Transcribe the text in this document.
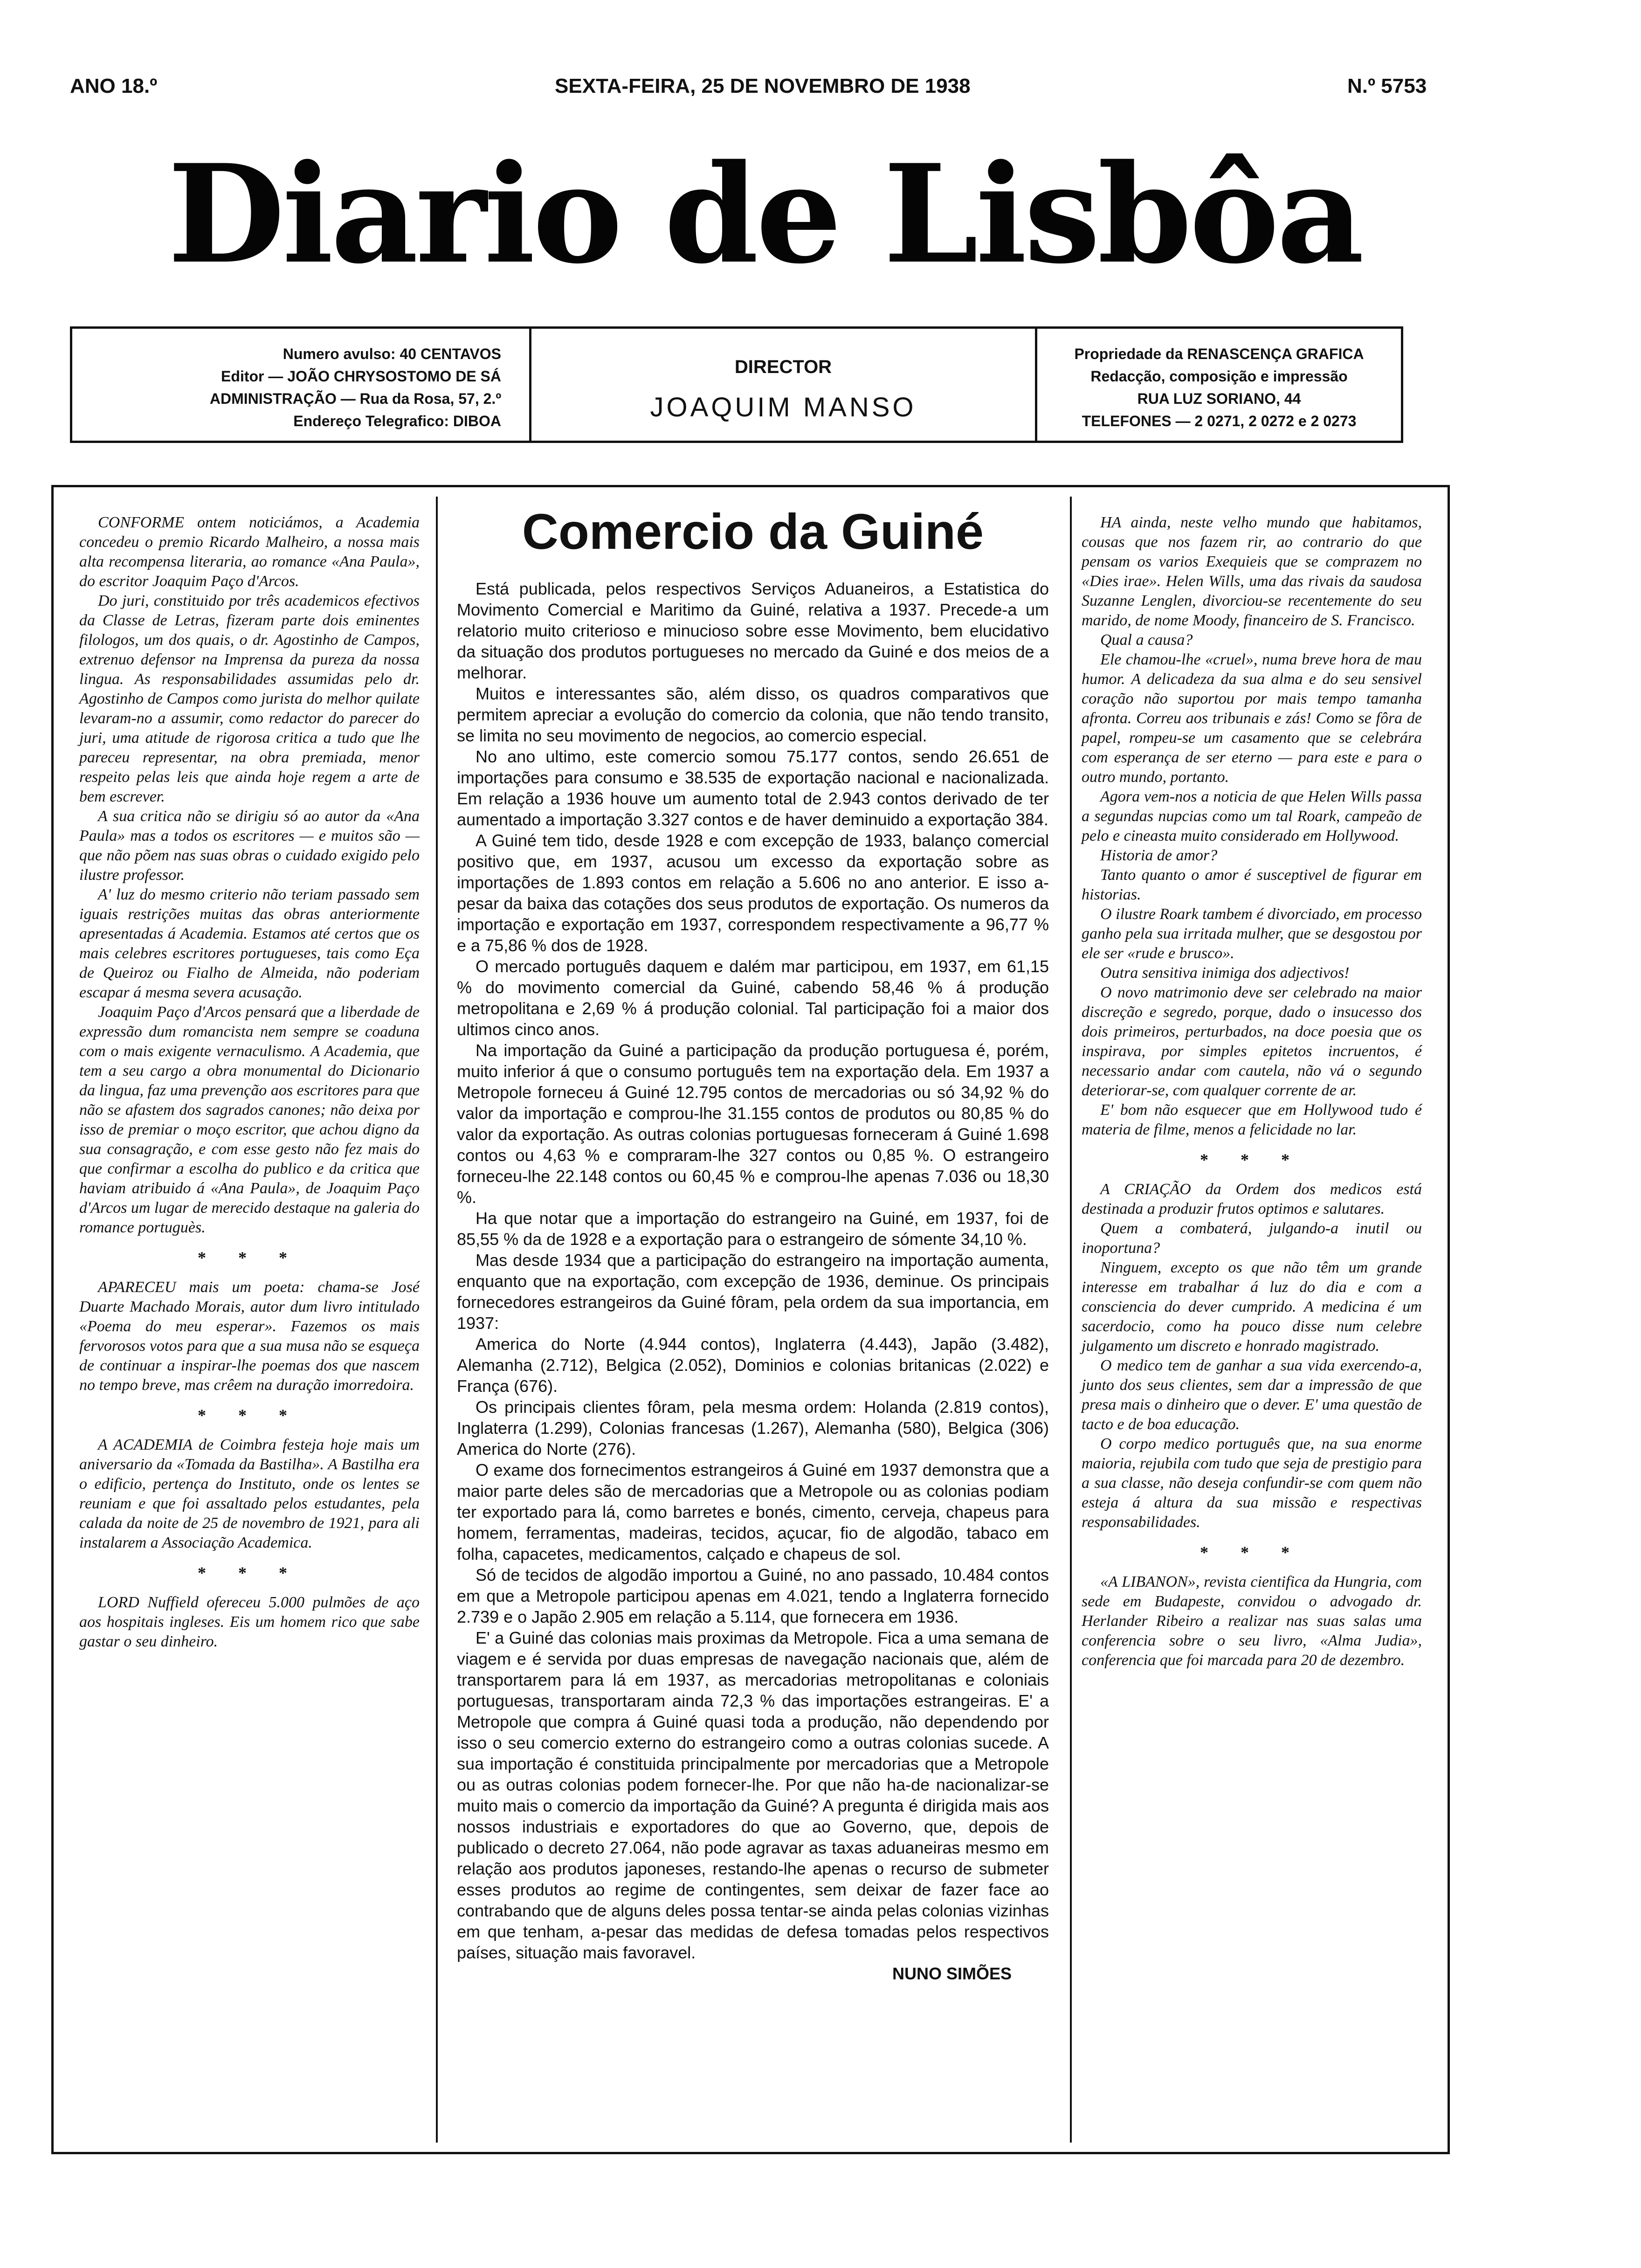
ANO 18.º	SEXTA-FEIRA, 25 DE NOVEMBRO DE 1938	N.º 5753
Diario de Lisbôa
Numero avulso: 40 CENTAVOS
Editor — JOÃO CHRYSOSTOMO DE SÁ
ADMINISTRAÇÃO — Rua da Rosa, 57, 2.º
Endereço Telegrafico: DIBOA
DIRECTOR
JOAQUIM MANSO
Propriedade da RENASCENÇA GRAFICA
Redacção, composição e impressão
RUA LUZ SORIANO, 44
TELEFONES — 2 0271, 2 0272 e 2 0273

CONFORME ontem noticiámos, a Academia concedeu o premio Ricardo Malheiro, a nossa mais alta recompensa literaria, ao romance «Ana Paula», do escritor Joaquim Paço d'Arcos.

Do juri, constituido por três academicos efectivos da Classe de Letras, fizeram parte dois eminentes filologos, um dos quais, o dr. Agostinho de Campos, extrenuo defensor na Imprensa da pureza da nossa lingua. As responsabilidades assumidas pelo dr. Agostinho de Campos como jurista do melhor quilate levaram-no a assumir, como redactor do parecer do juri, uma atitude de rigorosa critica a tudo que lhe pareceu representar, na obra premiada, menor respeito pelas leis que ainda hoje regem a arte de bem escrever.

A sua critica não se dirigiu só ao autor da «Ana Paula» mas a todos os escritores — e muitos são — que não põem nas suas obras o cuidado exigido pelo ilustre professor.

A' luz do mesmo criterio não teriam passado sem iguais restrições muitas das obras anteriormente apresentadas á Academia. Estamos até certos que os mais celebres escritores portugueses, tais como Eça de Queiroz ou Fialho de Almeida, não poderiam escapar á mesma severa acusação.

Joaquim Paço d'Arcos pensará que a liberdade de expressão dum romancista nem sempre se coaduna com o mais exigente vernaculismo. A Academia, que tem a seu cargo a obra monumental do Dicionario da lingua, faz uma prevenção aos escritores para que não se afastem dos sagrados canones; não deixa por isso de premiar o moço escritor, que achou digno da sua consagração, e com esse gesto não fez mais do que confirmar a escolha do publico e da critica que haviam atribuido á «Ana Paula», de Joaquim Paço d'Arcos um lugar de merecido destaque na galeria do romance portuguès.

* * *

APARECEU mais um poeta: chama-se José Duarte Machado Morais, autor dum livro intitulado «Poema do meu esperar». Fazemos os mais fervorosos votos para que a sua musa não se esqueça de continuar a inspirar-lhe poemas dos que nascem no tempo breve, mas crêem na duração imorredoira.

* * *

A ACADEMIA de Coimbra festeja hoje mais um aniversario da «Tomada da Bastilha». A Bastilha era o edificio, pertença do Instituto, onde os lentes se reuniam e que foi assaltado pelos estudantes, pela calada da noite de 25 de novembro de 1921, para ali instalarem a Associação Academica.

* * *

LORD Nuffield ofereceu 5.000 pulmões de aço aos hospitais ingleses. Eis um homem rico que sabe gastar o seu dinheiro.

Comercio da Guiné

Está publicada, pelos respectivos Serviços Aduaneiros, a Estatistica do Movimento Comercial e Maritimo da Guiné, relativa a 1937. Precede-a um relatorio muito criterioso e minucioso sobre esse Movimento, bem elucidativo da situação dos produtos portugueses no mercado da Guiné e dos meios de a melhorar.

Muitos e interessantes são, além disso, os quadros comparativos que permitem apreciar a evolução do comercio da colonia, que não tendo transito, se limita no seu movimento de negocios, ao comercio especial.

No ano ultimo, este comercio somou 75.177 contos, sendo 26.651 de importações para consumo e 38.535 de exportação nacional e nacionalizada. Em relação a 1936 houve um aumento total de 2.943 contos derivado de ter aumentado a importação 3.327 contos e de haver deminuido a exportação 384.

A Guiné tem tido, desde 1928 e com excepção de 1933, balanço comercial positivo que, em 1937, acusou um excesso da exportação sobre as importações de 1.893 contos em relação a 5.606 no ano anterior. E isso a-pesar da baixa das cotações dos seus produtos de exportação. Os numeros da importação e exportação em 1937, correspondem respectivamente a 96,77 % e a 75,86 % dos de 1928.

O mercado português daquem e dalém mar participou, em 1937, em 61,15 % do movimento comercial da Guiné, cabendo 58,46 % á produção metropolitana e 2,69 % á produção colonial. Tal participação foi a maior dos ultimos cinco anos.

Na importação da Guiné a participação da produção portuguesa é, porém, muito inferior á que o consumo português tem na exportação dela. Em 1937 a Metropole forneceu á Guiné 12.795 contos de mercadorias ou só 34,92 % do valor da importação e comprou-lhe 31.155 contos de produtos ou 80,85 % do valor da exportação. As outras colonias portuguesas forneceram á Guiné 1.698 contos ou 4,63 % e compraram-lhe 327 contos ou 0,85 %. O estrangeiro forneceu-lhe 22.148 contos ou 60,45 % e comprou-lhe apenas 7.036 ou 18,30 %.

Ha que notar que a importação do estrangeiro na Guiné, em 1937, foi de 85,55 % da de 1928 e a exportação para o estrangeiro de sómente 34,10 %.

Mas desde 1934 que a participação do estrangeiro na importação aumenta, enquanto que na exportação, com excepção de 1936, deminue. Os principais fornecedores estrangeiros da Guiné fôram, pela ordem da sua importancia, em 1937:

America do Norte (4.944 contos), Inglaterra (4.443), Japão (3.482), Alemanha (2.712), Belgica (2.052), Dominios e colonias britanicas (2.022) e França (676).

Os principais clientes fôram, pela mesma ordem: Holanda (2.819 contos), Inglaterra (1.299), Colonias francesas (1.267), Alemanha (580), Belgica (306) America do Norte (276).

O exame dos fornecimentos estrangeiros á Guiné em 1937 demonstra que a maior parte deles são de mercadorias que a Metropole ou as colonias podiam ter exportado para lá, como barretes e bonés, cimento, cerveja, chapeus para homem, ferramentas, madeiras, tecidos, açucar, fio de algodão, tabaco em folha, capacetes, medicamentos, calçado e chapeus de sol.

Só de tecidos de algodão importou a Guiné, no ano passado, 10.484 contos em que a Metropole participou apenas em 4.021, tendo a Inglaterra fornecido 2.739 e o Japão 2.905 em relação a 5.114, que fornecera em 1936.

E' a Guiné das colonias mais proximas da Metropole. Fica a uma semana de viagem e é servida por duas empresas de navegação nacionais que, além de transportarem para lá em 1937, as mercadorias metropolitanas e coloniais portuguesas, transportaram ainda 72,3 % das importações estrangeiras. E' a Metropole que compra á Guiné quasi toda a produção, não dependendo por isso o seu comercio externo do estrangeiro como a outras colonias sucede. A sua importação é constituida principalmente por mercadorias que a Metropole ou as outras colonias podem fornecer-lhe. Por que não ha-de nacionalizar-se muito mais o comercio da importação da Guiné? A pregunta é dirigida mais aos nossos industriais e exportadores do que ao Governo, que, depois de publicado o decreto 27.064, não pode agravar as taxas aduaneiras mesmo em relação aos produtos japoneses, restando-lhe apenas o recurso de submeter esses produtos ao regime de contingentes, sem deixar de fazer face ao contrabando que de alguns deles possa tentar-se ainda pelas colonias vizinhas em que tenham, a-pesar das medidas de defesa tomadas pelos respectivos países, situação mais favoravel.

NUNO SIMÕES

HA ainda, neste velho mundo que habitamos, cousas que nos fazem rir, ao contrario do que pensam os varios Exequieis que se comprazem no «Dies irae». Helen Wills, uma das rivais da saudosa Suzanne Lenglen, divorciou-se recentemente do seu marido, de nome Moody, financeiro de S. Francisco.

Qual a causa?

Ele chamou-lhe «cruel», numa breve hora de mau humor. A delicadeza da sua alma e do seu sensivel coração não suportou por mais tempo tamanha afronta. Correu aos tribunais e zás! Como se fôra de papel, rompeu-se um casamento que se celebrára com esperança de ser eterno — para este e para o outro mundo, portanto.

Agora vem-nos a noticia de que Helen Wills passa a segundas nupcias como um tal Roark, campeão de pelo e cineasta muito considerado em Hollywood.

Historia de amor?

Tanto quanto o amor é susceptivel de figurar em historias.

O ilustre Roark tambem é divorciado, em processo ganho pela sua irritada mulher, que se desgostou por ele ser «rude e brusco».

Outra sensitiva inimiga dos adjectivos!

O novo matrimonio deve ser celebrado na maior discreção e segredo, porque, dado o insucesso dos dois primeiros, perturbados, na doce poesia que os inspirava, por simples epitetos incruentos, é necessario andar com cautela, não vá o segundo deteriorar-se, com qualquer corrente de ar.

E' bom não esquecer que em Hollywood tudo é materia de filme, menos a felicidade no lar.

* * *

A CRIAÇÃO da Ordem dos medicos está destinada a produzir frutos optimos e salutares.

Quem a combaterá, julgando-a inutil ou inoportuna?

Ninguem, excepto os que não têm um grande interesse em trabalhar á luz do dia e com a consciencia do dever cumprido. A medicina é um sacerdocio, como ha pouco disse num celebre julgamento um discreto e honrado magistrado.

O medico tem de ganhar a sua vida exercendo-a, junto dos seus clientes, sem dar a impressão de que presa mais o dinheiro que o dever. E' uma questão de tacto e de boa educação.

O corpo medico português que, na sua enorme maioria, rejubila com tudo que seja de prestigio para a sua classe, não deseja confundir-se com quem não esteja á altura da sua missão e respectivas responsabilidades.

* * *

«A LIBANON», revista cientifica da Hungria, com sede em Budapeste, convidou o advogado dr. Herlander Ribeiro a realizar nas suas salas uma conferencia sobre o seu livro, «Alma Judia», conferencia que foi marcada para 20 de dezembro.
